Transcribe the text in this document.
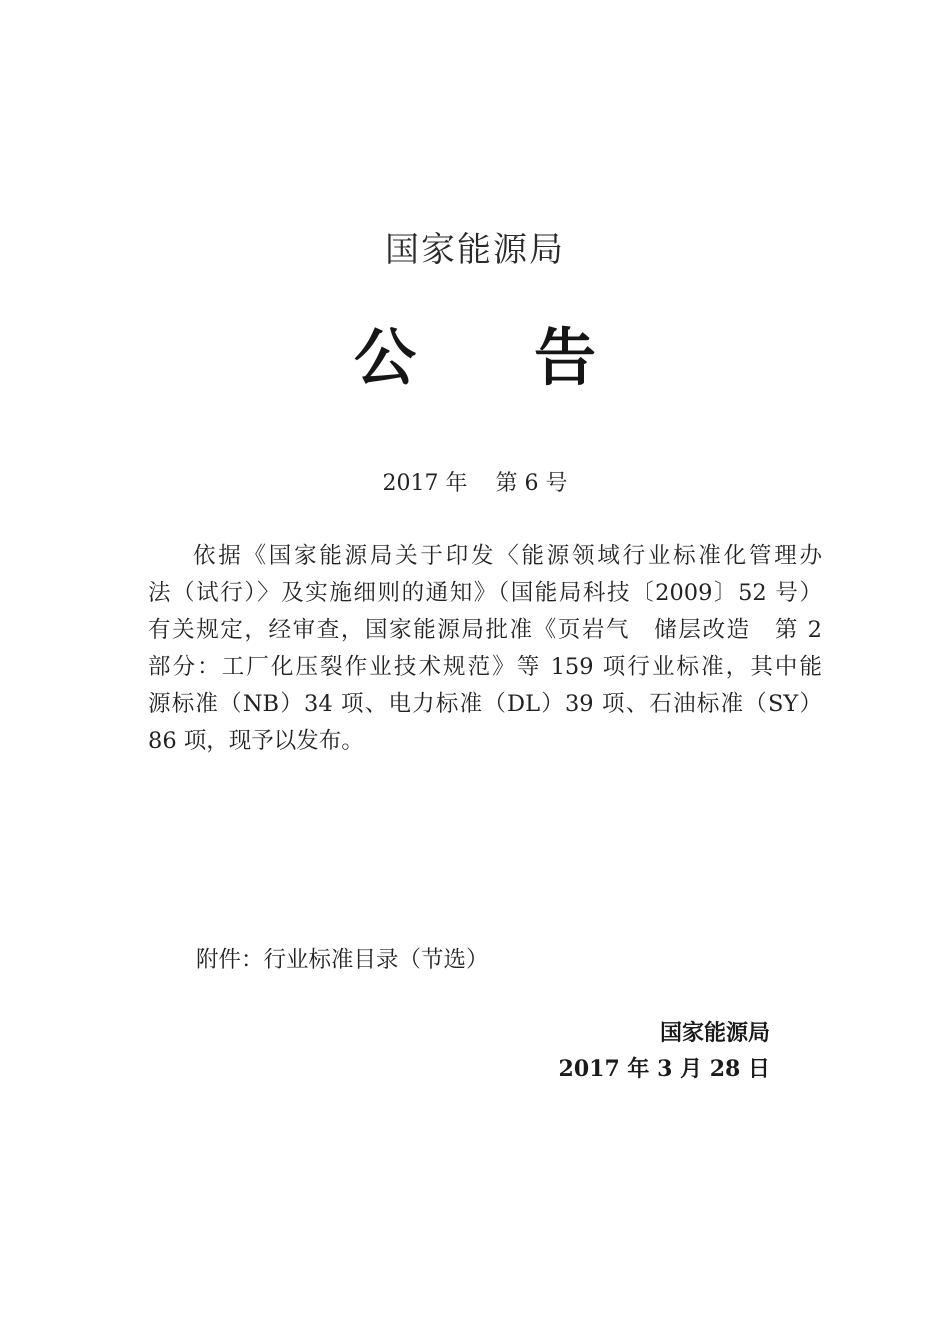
国家能源局
公告
2017 年 第 6 号

依据《国家能源局关于印发〈能源领域行业标准化管理办
法（试行）〉及实施细则的通知》（国能局科技〔2009〕52 号）
有关规定，经审查，国家能源局批准《页岩气　储层改造　第 2
部分：工厂化压裂作业技术规范》等 159 项行业标准，其中能
源标准（NB）34 项、电力标准（DL）39 项、石油标准（SY）
86 项，现予以发布。

附件：行业标准目录（节选）
国家能源局
2017 年 3 月 28 日
